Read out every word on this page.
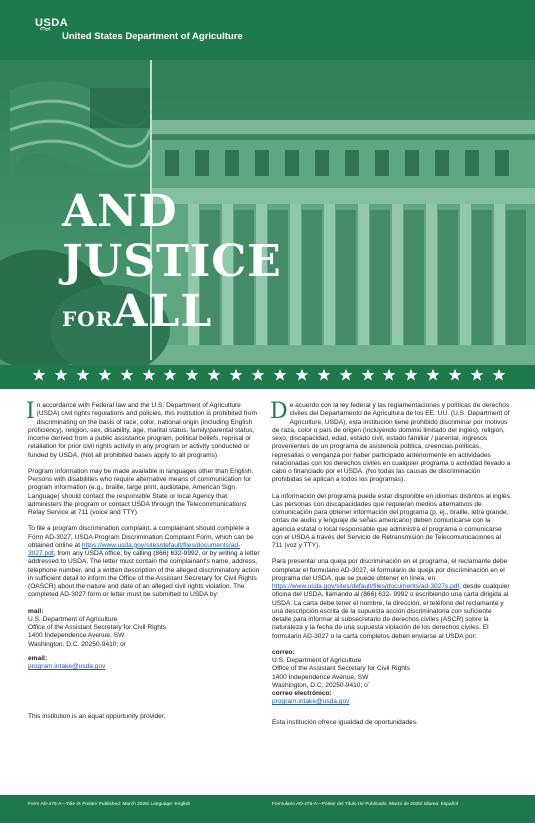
USDA
United States Department of Agriculture
AND
JUSTICE
FORALL

In accordance with Federal law and the U.S. Department of Agriculture (USDA) civil rights regulations and policies, this institution is prohibited from discriminating on the basis of race, color, national origin (including English proficiency), religion, sex, disability, age, marital status, family/parental status, income derived from a public assistance program, political beliefs, reprisal or retaliation for prior civil rights activity in any program or activity conducted or funded by USDA. (Not all prohibited bases apply to all programs)

Program information may be made available in languages other than English. Persons with disabilities who require alternative means of communication for program information (e.g., braille, large print, audiotape, American Sign Language) should contact the responsible State or local Agency that administers the program or contact USDA through the Telecommunications Relay Service at 711 (voice and TTY).

To file a program discrimination complaint, a complainant should complete a Form AD-3027, USDA Program Discrimination Complaint Form, which can be obtained online at https://www.usda.gov/sites/default/files/documents/ad-3027.pdf, from any USDA office, by calling (866) 632-9992, or by writing a letter addressed to USDA. The letter must contain the complainant's name, address, telephone number, and a written description of the alleged discriminatory action in sufficient detail to inform the Office of the Assistant Secretary for Civil Rights (OASCR) about the nature and date of an alleged civil rights violation. The completed AD-3027 form or letter must be submitted to USDA by:

mail:
U.S. Department of Agriculture
Office of the Assistant Secretary for Civil Rights
1400 Independence Avenue, SW
Washington, D.C. 20250-9410; or
email:
program.intake@usda.gov

This institution is an equal opportunity provider.

De acuerdo con la ley federal y las reglamentaciones y políticas de derechos civiles del Departamento de Agricultura de los EE. UU. (U.S. Department of Agriculture, USDA), esta institución tiene prohibido discriminar por motivos de raza, color o país de origen (incluyendo dominio limitado del inglés), religión, sexo, discapacidad, edad, estado civil, estado familiar / parental, ingresos provenientes de un programa de asistencia pública, creencias políticas, represalias o venganza por haber participado anteriormente en actividades relacionadas con los derechos civiles en cualquier programa o actividad llevado a cabo o financiado por el USDA. (No todas las causas de discriminación prohibidas se aplican a todos los programas).

La información del programa puede estar disponible en idiomas distintos al inglés. Las personas con discapacidades que requieran medios alternativos de comunicación para obtener información del programa (p. ej., braille, letra grande, cintas de audio y lenguaje de señas americano) deben comunicarse con la agencia estatal o local responsable que administra el programa o comunicarse con el USDA a través del Servicio de Retransmisión de Telecomunicaciones al 711 (voz y TTY).

Para presentar una queja por discriminación en el programa, el reclamante debe completar el formulario AD-3027, el formulario de queja por discriminación en el programa del USDA, que se puede obtener en línea, en https://www.usda.gov/sites/default/files/documents/ad-3027s.pdf, desde cualquier oficina del USDA, llamando al (866) 632- 9992 o escribiendo una carta dirigida al USDA. La carta debe tener el nombre, la dirección, el teléfono del reclamante y una descripción escrita de la supuesta acción discriminatoria con suficiente detalle para informar al subsecretario de derechos civiles (ASCR) sobre la naturaleza y la fecha de una supuesta violación de los derechos civiles. El formulario AD-3027 o la carta completos deben enviarse al USDA por:

correo:
U.S. Department of Agriculture
Office of the Assistant Secretary for Civil Rights
1400 Independence Avenue, SW
Washington, D.C. 20250-9410; o´
correo electrónico:
program.intake@usda.gov

Esta institución ofrece igualdad de oportunidades.

Form AD-475-A—Title IX Poster/ Published: March 2025/ Language: English	Formulario AD-475-A—Póster del Título IX/ Publicado: Marzo de 2025/ Idioma: Español
